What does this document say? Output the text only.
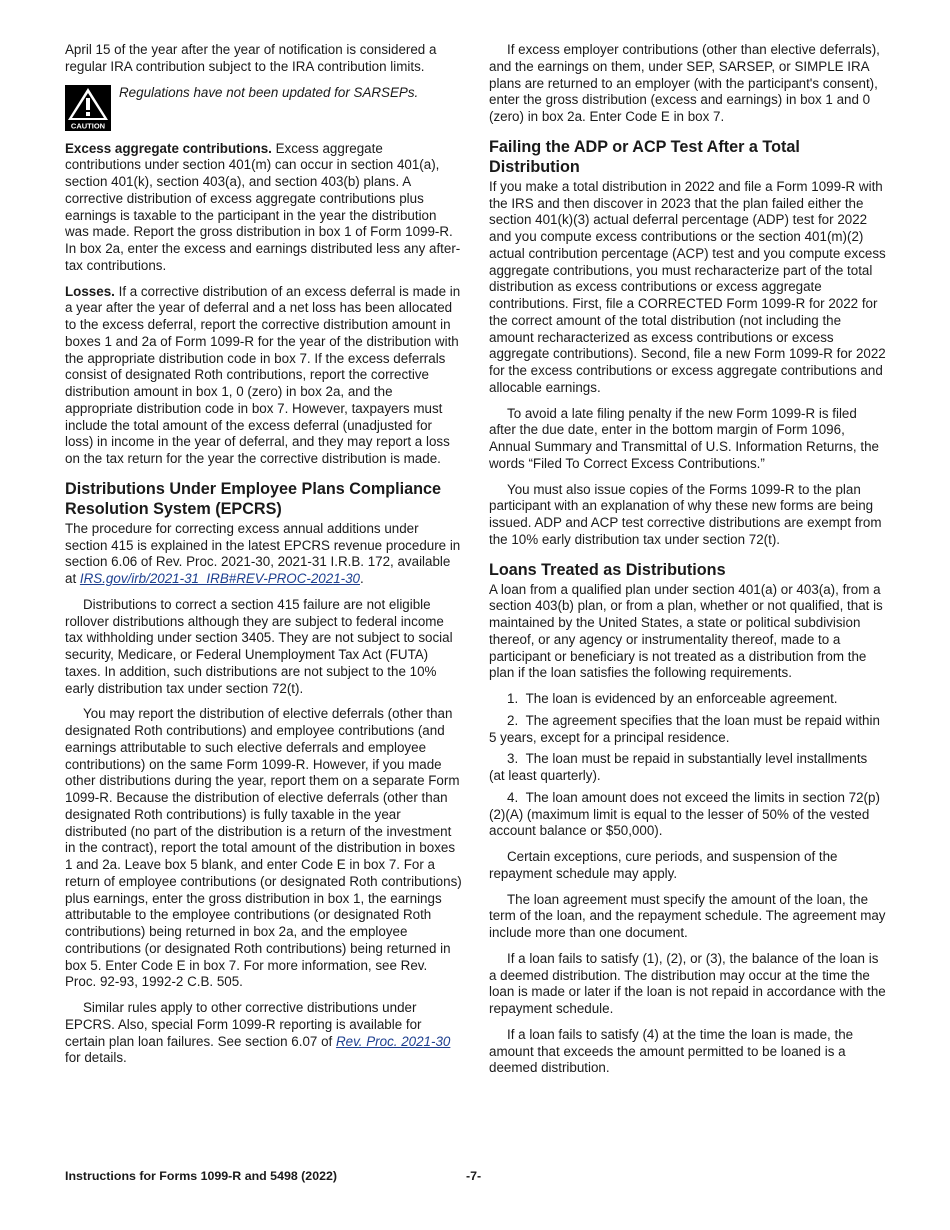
April 15 of the year after the year of notification is considered a regular IRA contribution subject to the IRA contribution limits.

CAUTION
Regulations have not been updated for SARSEPs.

Excess aggregate contributions. Excess aggregate contributions under section 401(m) can occur in section 401(a), section 401(k), section 403(a), and section 403(b) plans. A corrective distribution of excess aggregate contributions plus earnings is taxable to the participant in the year the distribution was made. Report the gross distribution in box 1 of Form 1099-R. In box 2a, enter the excess and earnings distributed less any after-tax contributions.

Losses. If a corrective distribution of an excess deferral is made in a year after the year of deferral and a net loss has been allocated to the excess deferral, report the corrective distribution amount in boxes 1 and 2a of Form 1099-R for the year of the distribution with the appropriate distribution code in box 7. If the excess deferrals consist of designated Roth contributions, report the corrective distribution amount in box 1, 0 (zero) in box 2a, and the appropriate distribution code in box 7. However, taxpayers must include the total amount of the excess deferral (unadjusted for loss) in income in the year of deferral, and they may report a loss on the tax return for the year the corrective distribution is made.

Distributions Under Employee Plans Compliance Resolution System (EPCRS)

The procedure for correcting excess annual additions under section 415 is explained in the latest EPCRS revenue procedure in section 6.06 of Rev. Proc. 2021-30, 2021-31 I.R.B. 172, available at IRS.gov/irb/2021-31_IRB#REV-PROC-2021-30.

Distributions to correct a section 415 failure are not eligible rollover distributions although they are subject to federal income tax withholding under section 3405. They are not subject to social security, Medicare, or Federal Unemployment Tax Act (FUTA) taxes. In addition, such distributions are not subject to the 10% early distribution tax under section 72(t).

You may report the distribution of elective deferrals (other than designated Roth contributions) and employee contributions (and earnings attributable to such elective deferrals and employee contributions) on the same Form 1099-R. However, if you made other distributions during the year, report them on a separate Form 1099-R. Because the distribution of elective deferrals (other than designated Roth contributions) is fully taxable in the year distributed (no part of the distribution is a return of the investment in the contract), report the total amount of the distribution in boxes 1 and 2a. Leave box 5 blank, and enter Code E in box 7. For a return of employee contributions (or designated Roth contributions) plus earnings, enter the gross distribution in box 1, the earnings attributable to the employee contributions (or designated Roth contributions) being returned in box 2a, and the employee contributions (or designated Roth contributions) being returned in box 5. Enter Code E in box 7. For more information, see Rev. Proc. 92-93, 1992-2 C.B. 505.

Similar rules apply to other corrective distributions under EPCRS. Also, special Form 1099-R reporting is available for certain plan loan failures. See section 6.07 of Rev. Proc. 2021-30 for details.

If excess employer contributions (other than elective deferrals), and the earnings on them, under SEP, SARSEP, or SIMPLE IRA plans are returned to an employer (with the participant's consent), enter the gross distribution (excess and earnings) in box 1 and 0 (zero) in box 2a. Enter Code E in box 7.

Failing the ADP or ACP Test After a Total Distribution

If you make a total distribution in 2022 and file a Form 1099-R with the IRS and then discover in 2023 that the plan failed either the section 401(k)(3) actual deferral percentage (ADP) test for 2022 and you compute excess contributions or the section 401(m)(2) actual contribution percentage (ACP) test and you compute excess aggregate contributions, you must recharacterize part of the total distribution as excess contributions or excess aggregate contributions. First, file a CORRECTED Form 1099-R for 2022 for the correct amount of the total distribution (not including the amount recharacterized as excess contributions or excess aggregate contributions). Second, file a new Form 1099-R for 2022 for the excess contributions or excess aggregate contributions and allocable earnings.

To avoid a late filing penalty if the new Form 1099-R is filed after the due date, enter in the bottom margin of Form 1096, Annual Summary and Transmittal of U.S. Information Returns, the words “Filed To Correct Excess Contributions.”

You must also issue copies of the Forms 1099-R to the plan participant with an explanation of why these new forms are being issued. ADP and ACP test corrective distributions are exempt from the 10% early distribution tax under section 72(t).

Loans Treated as Distributions

A loan from a qualified plan under section 401(a) or 403(a), from a section 403(b) plan, or from a plan, whether or not qualified, that is maintained by the United States, a state or political subdivision thereof, or any agency or instrumentality thereof, made to a participant or beneficiary is not treated as a distribution from the plan if the loan satisfies the following requirements.

1.  The loan is evidenced by an enforceable agreement.
2.  The agreement specifies that the loan must be repaid within 5 years, except for a principal residence.
3.  The loan must be repaid in substantially level installments (at least quarterly).
4.  The loan amount does not exceed the limits in section 72(p)(2)(A) (maximum limit is equal to the lesser of 50% of the vested account balance or $50,000).

Certain exceptions, cure periods, and suspension of the repayment schedule may apply.

The loan agreement must specify the amount of the loan, the term of the loan, and the repayment schedule. The agreement may include more than one document.

If a loan fails to satisfy (1), (2), or (3), the balance of the loan is a deemed distribution. The distribution may occur at the time the loan is made or later if the loan is not repaid in accordance with the repayment schedule.

If a loan fails to satisfy (4) at the time the loan is made, the amount that exceeds the amount permitted to be loaned is a deemed distribution.

Instructions for Forms 1099-R and 5498 (2022)	-7-
